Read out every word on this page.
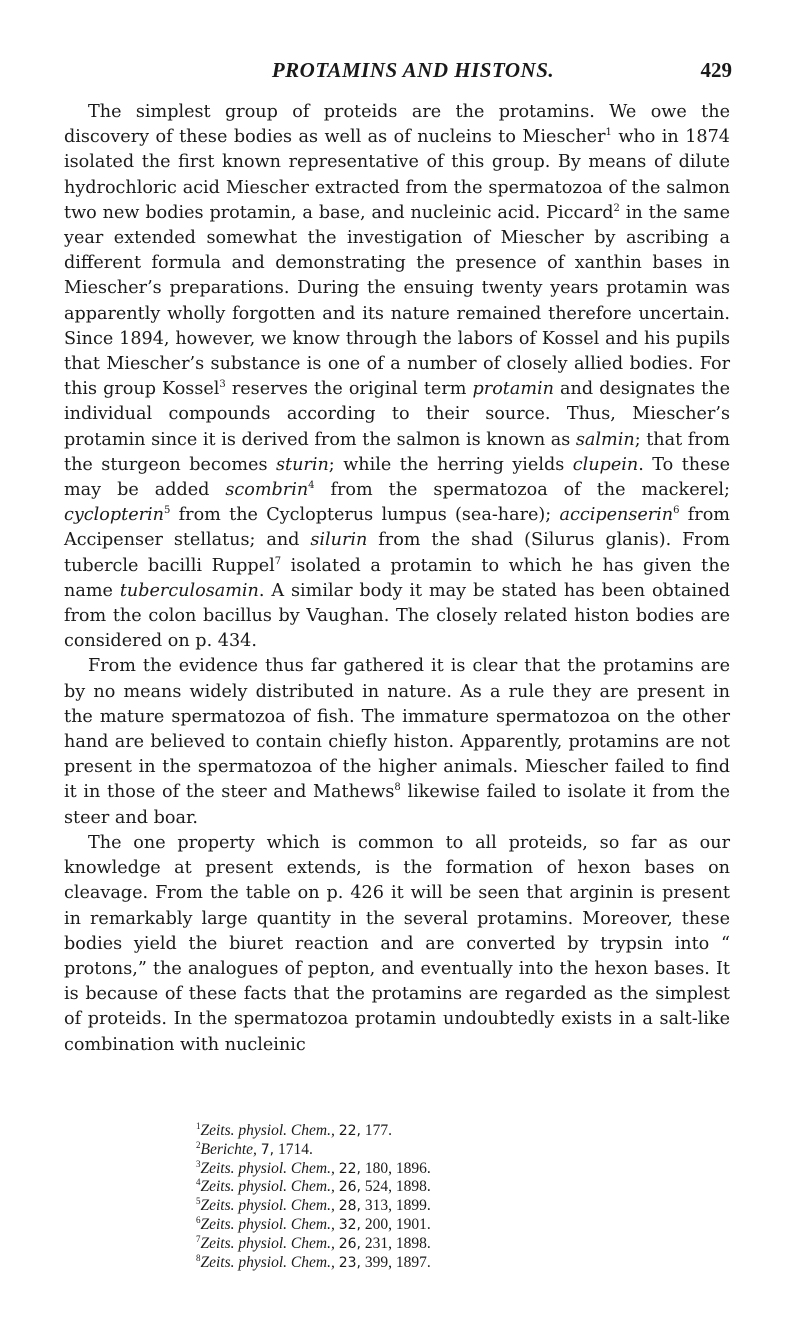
PROTAMINS AND HISTONS.	429

The simplest group of proteids are the protamins. We owe the discovery of these bodies as well as of nucleins to Miescher$^1$ who in 1874 isolated the first known representative of this group. By means of dilute hydrochloric acid Miescher extracted from the spermatozoa of the salmon two new bodies protamin, a base, and nucleinic acid. Piccard$^2$ in the same year extended somewhat the investigation of Miescher by ascribing a different formula and demonstrating the presence of xanthin bases in Miescher’s preparations. During the ensuing twenty years protamin was apparently wholly forgotten and its nature remained therefore uncertain. Since 1894, however, we know through the labors of Kossel and his pupils that Miescher’s substance is one of a number of closely allied bodies. For this group Kossel$^3$ reserves the original term protamin and designates the individual compounds according to their source. Thus, Miescher’s protamin since it is derived from the salmon is known as salmin; that from the sturgeon becomes sturin; while the herring yields clupein. To these may be added scombrin$^4$ from the spermatozoa of the mackerel; cyclopterin$^5$ from the Cyclopterus lumpus (sea-hare); accipenserin$^6$ from Accipenser stellatus; and silurin from the shad (Silurus glanis). From tubercle bacilli Ruppel$^7$ isolated a protamin to which he has given the name tuberculosamin. A similar body it may be stated has been obtained from the colon bacillus by Vaughan. The closely related histon bodies are considered on p. 434.

From the evidence thus far gathered it is clear that the protamins are by no means widely distributed in nature. As a rule they are present in the mature spermatozoa of fish. The immature spermatozoa on the other hand are believed to contain chiefly histon. Apparently, protamins are not present in the spermatozoa of the higher animals. Miescher failed to find it in those of the steer and Mathews$^8$ likewise failed to isolate it from the steer and boar.

The one property which is common to all proteids, so far as our knowledge at present extends, is the formation of hexon bases on cleavage. From the table on p. 426 it will be seen that arginin is present in remarkably large quantity in the several protamins. Moreover, these bodies yield the biuret reaction and are converted by trypsin into “ protons,” the analogues of pepton, and eventually into the hexon bases. It is because of these facts that the protamins are regarded as the simplest of proteids. In the spermatozoa protamin undoubtedly exists in a salt-like combination with nucleinic

$^1$Zeits. physiol. Chem., 22, 177.
$^2$Berichte, 7, 1714.
$^3$Zeits. physiol. Chem., 22, 180, 1896.
$^4$Zeits. physiol. Chem., 26, 524, 1898.
$^5$Zeits. physiol. Chem., 28, 313, 1899.
$^6$Zeits. physiol. Chem., 32, 200, 1901.
$^7$Zeits. physiol. Chem., 26, 231, 1898.
$^8$Zeits. physiol. Chem., 23, 399, 1897.
